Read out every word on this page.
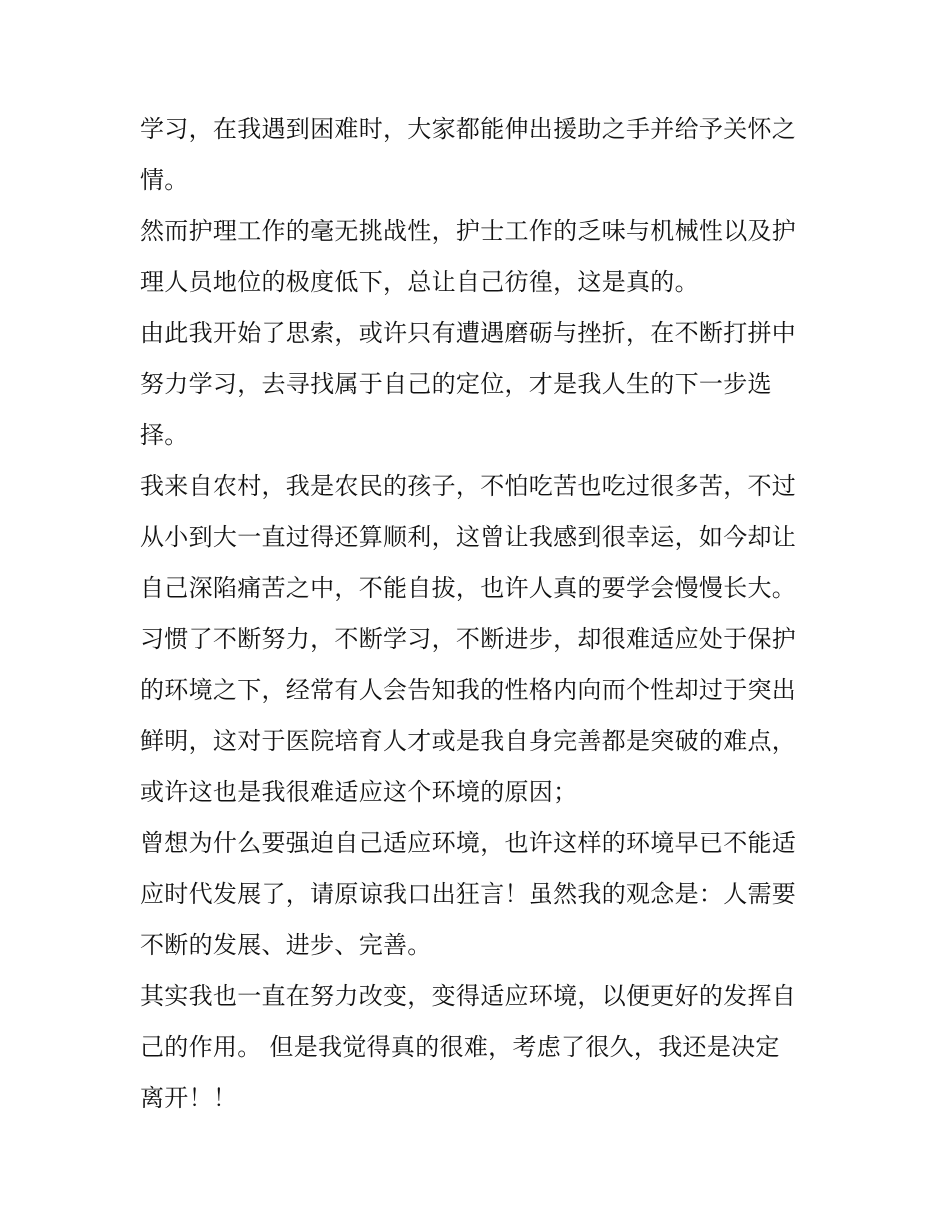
学习，在我遇到困难时，大家都能伸出援助之手并给予关怀之
情。
然而护理工作的毫无挑战性，护士工作的乏味与机械性以及护
理人员地位的极度低下，总让自己彷徨，这是真的。
由此我开始了思索，或许只有遭遇磨砺与挫折，在不断打拼中
努力学习，去寻找属于自己的定位，才是我人生的下一步选
择。
我来自农村，我是农民的孩子，不怕吃苦也吃过很多苦，不过
从小到大一直过得还算顺利，这曾让我感到很幸运，如今却让
自己深陷痛苦之中，不能自拔，也许人真的要学会慢慢长大。
习惯了不断努力，不断学习，不断进步，却很难适应处于保护
的环境之下，经常有人会告知我的性格内向而个性却过于突出
鲜明，这对于医院培育人才或是我自身完善都是突破的难点，
或许这也是我很难适应这个环境的原因；
曾想为什么要强迫自己适应环境，也许这样的环境早已不能适
应时代发展了，请原谅我口出狂言！虽然我的观念是：人需要
不断的发展、进步、完善。
其实我也一直在努力改变，变得适应环境，以便更好的发挥自
己的作用。 但是我觉得真的很难，考虑了很久，我还是决定
离开！！
